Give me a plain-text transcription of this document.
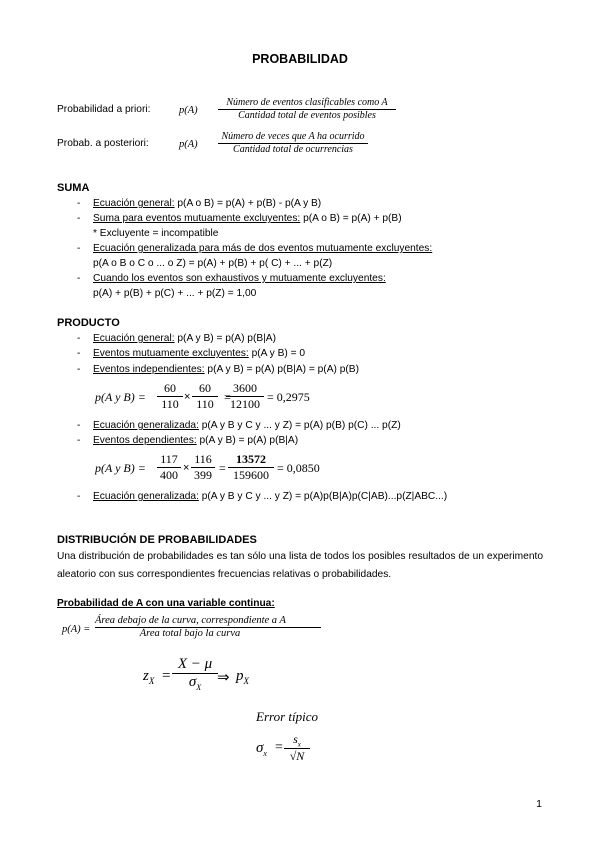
PROBABILIDAD
Probabilidad a priori:	p(A)
Número de eventos clasificables como A
Cantidad total de eventos posibles
Probab. a posteriori:	p(A)
Número de veces que A ha ocurrido
Cantidad total de ocurrencias
SUMA
- Ecuación general: p(A o B) = p(A) + p(B) - p(A y B)
- Suma para eventos mutuamente excluyentes: p(A o B) = p(A) + p(B)
* Excluyente = incompatible
- Ecuación generalizada para más de dos eventos mutuamente excluyentes:
p(A o B o C o ... o Z) = p(A) + p(B) + p( C) + ... + p(Z)
- Cuando los eventos son exhaustivos y mutuamente excluyentes:
p(A) + p(B) + p(C) + ... + p(Z) = 1,00
PRODUCTO
- Ecuación general: p(A y B) = p(A) p(B|A)
- Eventos mutuamente excluyentes: p(A y B) = 0
- Eventos independientes: p(A y B) = p(A) p(B|A) = p(A) p(B)
p(A y B) =
60
110 ×
60
110 =
3600
12100 = 0,2975
- Ecuación generalizada: p(A y B y C y ... y Z) = p(A) p(B) p(C) ... p(Z)
- Eventos dependientes: p(A y B) = p(A) p(B|A)
p(A y B) =
117
400 ×
116
399 =
13572
159600 = 0,0850
- Ecuación generalizada: p(A y B y C y ... y Z) = p(A)p(B|A)p(C|AB)...p(Z|ABC...)
DISTRIBUCIÓN DE PROBABILIDADES
Una distribución de probabilidades es tan sólo una lista de todos los posibles resultados de un experimento aleatorio con sus correspondientes frecuencias relativas o probabilidades.
Probabilidad de A con una variable continua:
p(A) =
Área debajo de la curva, correspondiente a A
Área total bajo la curva
$z_X$ =
X − μ
$\sigma_X$
⇒ $p_X$
Error típico
$\sigma_x$ =
$s_x$
√N
1
